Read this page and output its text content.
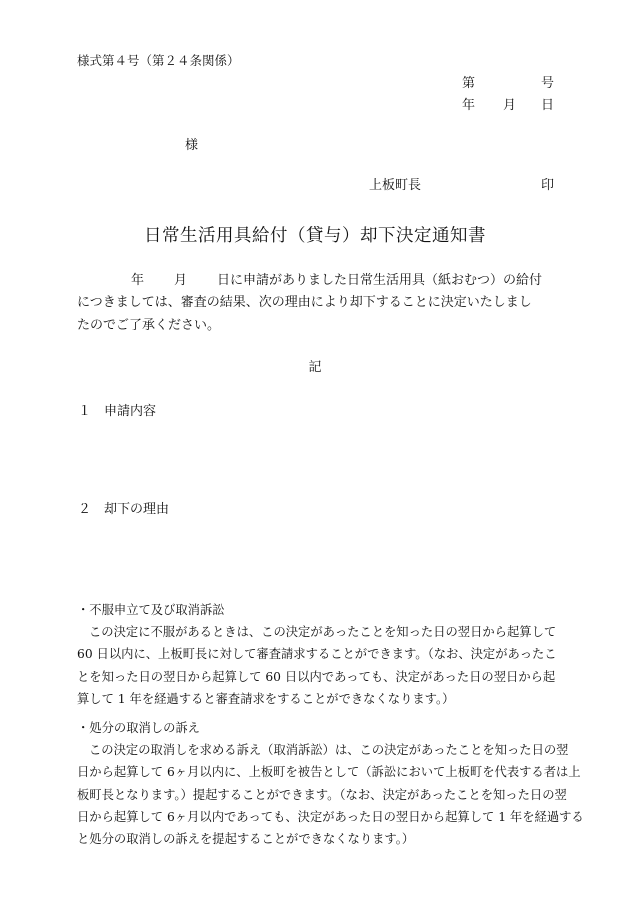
様式第４号（第２４条関係）
第	号
年 月 日
様
上板町長	印
日常生活用具給付（貸与）却下決定通知書
年 月 日に申請がありました日常生活用具（紙おむつ）の給付
につきましては、審査の結果、次の理由により却下することに決定いたしまし
たのでご了承ください。
記
１ 申請内容
２ 却下の理由
・不服申立て及び取消訴訟
この決定に不服があるときは、この決定があったことを知った日の翌日から起算して
60 日以内に、上板町長に対して審査請求することができます。（なお、決定があったこ
とを知った日の翌日から起算して 60 日以内であっても、決定があった日の翌日から起
算して 1 年を経過すると審査請求をすることができなくなります。）
・処分の取消しの訴え
この決定の取消しを求める訴え（取消訴訟）は、この決定があったことを知った日の翌
日から起算して 6ヶ月以内に、上板町を被告として（訴訟において上板町を代表する者は上
板町長となります。）提起することができます。（なお、決定があったことを知った日の翌
日から起算して 6ヶ月以内であっても、決定があった日の翌日から起算して 1 年を経過する
と処分の取消しの訴えを提起することができなくなります。）
